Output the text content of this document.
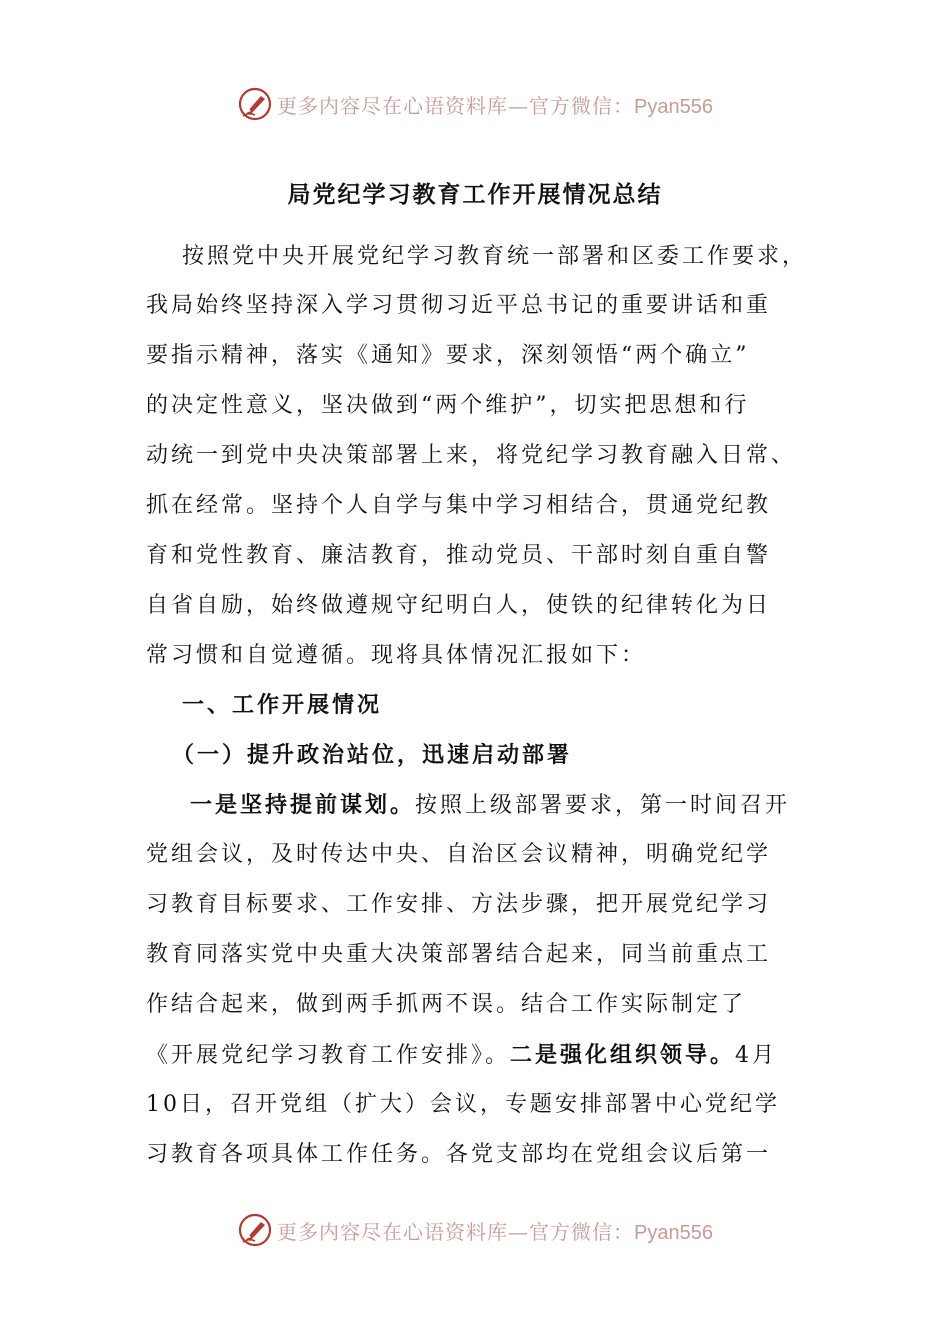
更多内容尽在心语资料库—官方微信：Pyan556
局党纪学习教育工作开展情况总结
按照党中央开展党纪学习教育统一部署和区委工作要求，
我局始终坚持深入学习贯彻习近平总书记的重要讲话和重
要指示精神，落实《通知》要求，深刻领悟“两个确立”
的决定性意义，坚决做到“两个维护”，切实把思想和行
动统一到党中央决策部署上来，将党纪学习教育融入日常、
抓在经常。坚持个人自学与集中学习相结合，贯通党纪教
育和党性教育、廉洁教育，推动党员、干部时刻自重自警
自省自励，始终做遵规守纪明白人，使铁的纪律转化为日
常习惯和自觉遵循。现将具体情况汇报如下：
一、工作开展情况
（一）提升政治站位，迅速启动部署
一是坚持提前谋划。按照上级部署要求，第一时间召开
党组会议，及时传达中央、自治区会议精神，明确党纪学
习教育目标要求、工作安排、方法步骤，把开展党纪学习
教育同落实党中央重大决策部署结合起来，同当前重点工
作结合起来，做到两手抓两不误。结合工作实际制定了
《开展党纪学习教育工作安排》。二是强化组织领导。4月
10日，召开党组（扩大）会议，专题安排部署中心党纪学
习教育各项具体工作任务。各党支部均在党组会议后第一
更多内容尽在心语资料库—官方微信：Pyan556
